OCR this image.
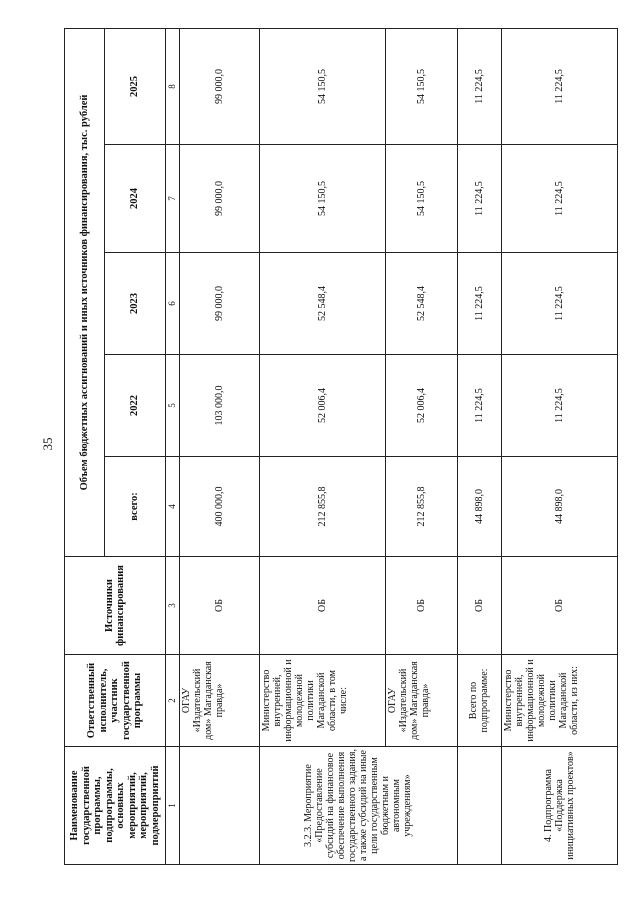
35
Наименование государственной программы, подпрограммы, основных мероприятий, мероприятий, подмероприятий	Ответственный исполнитель, участник государственной программы	Источники финансирования	Объем бюджетных ассигнований и иных источников финансирования, тыс. рублей				
			всего:	2022	2023	2024	2025
1	2	3	4	5	6	7	8
	ОГАУ «Издательский дом» Магаданская правда»	ОБ	400 000,0	103 000,0	99 000,0	99 000,0	99 000,0
3.2.3. Мероприятие «Предоставление субсидий на финансовое обеспечение выполнения государственного задания, а также субсидий на иные цели государственным бюджетным и автономным учреждениям»	Министерство внутренней, информационной и молодежной политики Магаданской области, в том числе:	ОБ	212 855,8	52 006,4	52 548,4	54 150,5	54 150,5
	ОГАУ «Издательский дом» Магаданская правда»	ОБ	212 855,8	52 006,4	52 548,4	54 150,5	54 150,5
	Всего по подпрограмме:	ОБ	44 898,0	11 224,5	11 224,5	11 224,5	11 224,5
4. Подпрограмма «Поддержка инициативных проектов»	Министерство внутренней, информационной и молодежной политики Магаданской области, из них:	ОБ	44 898,0	11 224,5	11 224,5	11 224,5	11 224,5
